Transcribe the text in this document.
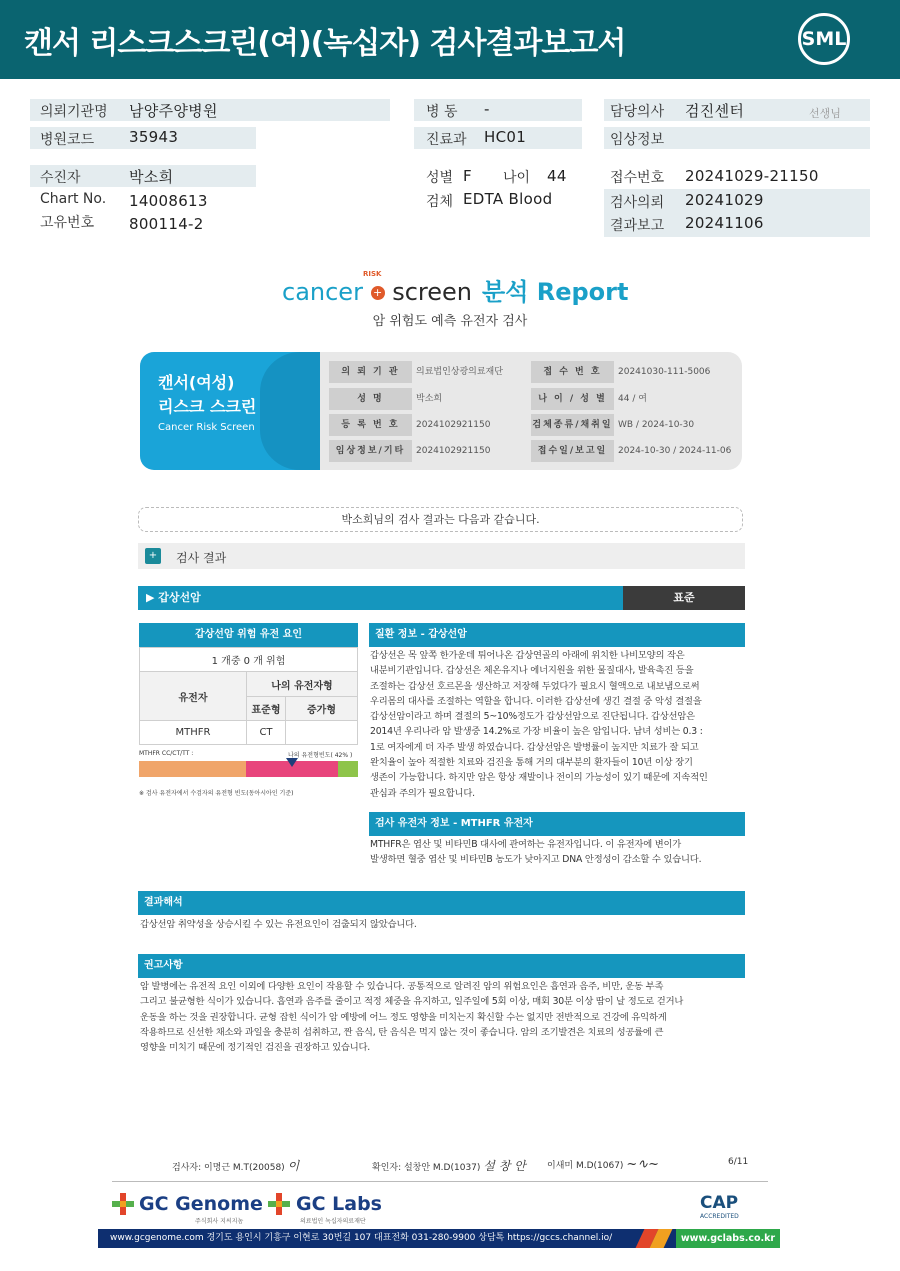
캔서 리스크스크린(여)(녹십자) 검사결과보고서	SML
의뢰기관명 남양주양병원
병원코드 35943
병 동 -
진료과 HC01
담당의사 검진센터	선생님
임상정보
수진자	박소희
Chart No. 14008613
고유번호 800114-2
성별 F 나이 44
검체 EDTA Blood
접수번호 20241029-21150
검사의뢰 20241029
결과보고 20241106
cancer + screen 분석 Report
RISK
암 위험도 예측 유전자 검사
캔서(여성)
리스크 스크린
Cancer Risk Screen
의 뢰 기 관	의료법인상광의료재단	접 수 번 호	20241030-111-5006
성 명	박소희	나 이 / 성 별	44 / 여
등 록 번 호	2024102921150	검체종류/채취일 WB / 2024-10-30
임상정보/기타	2024102921150	접수일/보고일	2024-10-30 / 2024-11-06
박소희님의 검사 결과는 다음과 같습니다.
+	검사 결과
▶ 갑상선암	표준
갑상선암 위험 유전 요인
1 개중 0 개 위험
유전자
나의 유전자형
표준형	증가형
MTHFR	CT
MTHFR CC/CT/TT :	나의 유전형빈도( 42% )
※ 검사 유전자에서 수검자의 유전형 빈도(동아시아인 기준)
질환 정보 - 갑상선암
갑상선은 목 앞쪽 한가운데 튀어나온 갑상연골의 아래에 위치한 나비모양의 작은
내분비기관입니다. 갑상선은 체온유지나 에너지원을 위한 물질대사, 발육촉진 등을
조절하는 갑상선 호르몬을 생산하고 저장해 두었다가 필요시 혈액으로 내보냄으로써
우리몸의 대사를 조절하는 역할을 합니다. 이러한 갑상선에 생긴 결절 중 악성 결절을
갑상선암이라고 하며 결절의 5~10%정도가 갑상선암으로 진단됩니다. 갑상선암은
2014년 우리나라 암 발생중 14.2%로 가장 비율이 높은 암입니다. 남녀 성비는 0.3 :
1로 여자에게 더 자주 발생 하였습니다. 갑상선암은 발병률이 높지만 치료가 잘 되고
완치율이 높아 적절한 치료와 검진을 통해 거의 대부분의 환자들이 10년 이상 장기
생존이 가능합니다. 하지만 암은 항상 재발이나 전이의 가능성이 있기 때문에 지속적인
관심과 주의가 필요합니다.
검사 유전자 정보 - MTHFR 유전자
MTHFR은 엽산 및 비타민B 대사에 관여하는 유전자입니다. 이 유전자에 변이가
발생하면 혈중 엽산 및 비타민B 농도가 낮아지고 DNA 안정성이 감소할 수 있습니다.
결과해석
갑상선암 취약성을 상승시킬 수 있는 유전요인이 검출되지 않았습니다.
권고사항
암 발병에는 유전적 요인 이외에 다양한 요인이 작용할 수 있습니다. 공통적으로 알려진 암의 위험요인은 흡연과 음주, 비만, 운동 부족
그리고 불균형한 식이가 있습니다. 흡연과 음주를 줄이고 적정 체중을 유지하고, 일주일에 5회 이상, 매회 30분 이상 땀이 날 정도로 걷거나
운동을 하는 것을 권장합니다. 균형 잡힌 식이가 암 예방에 어느 정도 영향을 미치는지 확신할 수는 없지만 전반적으로 건강에 유익하게
작용하므로 신선한 채소와 과일을 충분히 섭취하고, 짠 음식, 탄 음식은 먹지 않는 것이 좋습니다. 암의 조기발견은 치료의 성공률에 큰
영향을 미치기 때문에 정기적인 검진을 권장하고 있습니다.
검사자: 이명근 M.T(20058) 이	확인자: 설창안 M.D(1037) 설 창 안 이새미 M.D(1067) ~∿~	6/11
GC Genome
주식회사 지씨지놈
GC Labs
의료법인 녹십자의료재단
CAP
ACCREDITED
www.gcgenome.com 경기도 용인시 기흥구 이현로 30번길 107 대표전화 031-280-9900 상담톡 https://gccs.channel.io/	www.gclabs.co.kr
